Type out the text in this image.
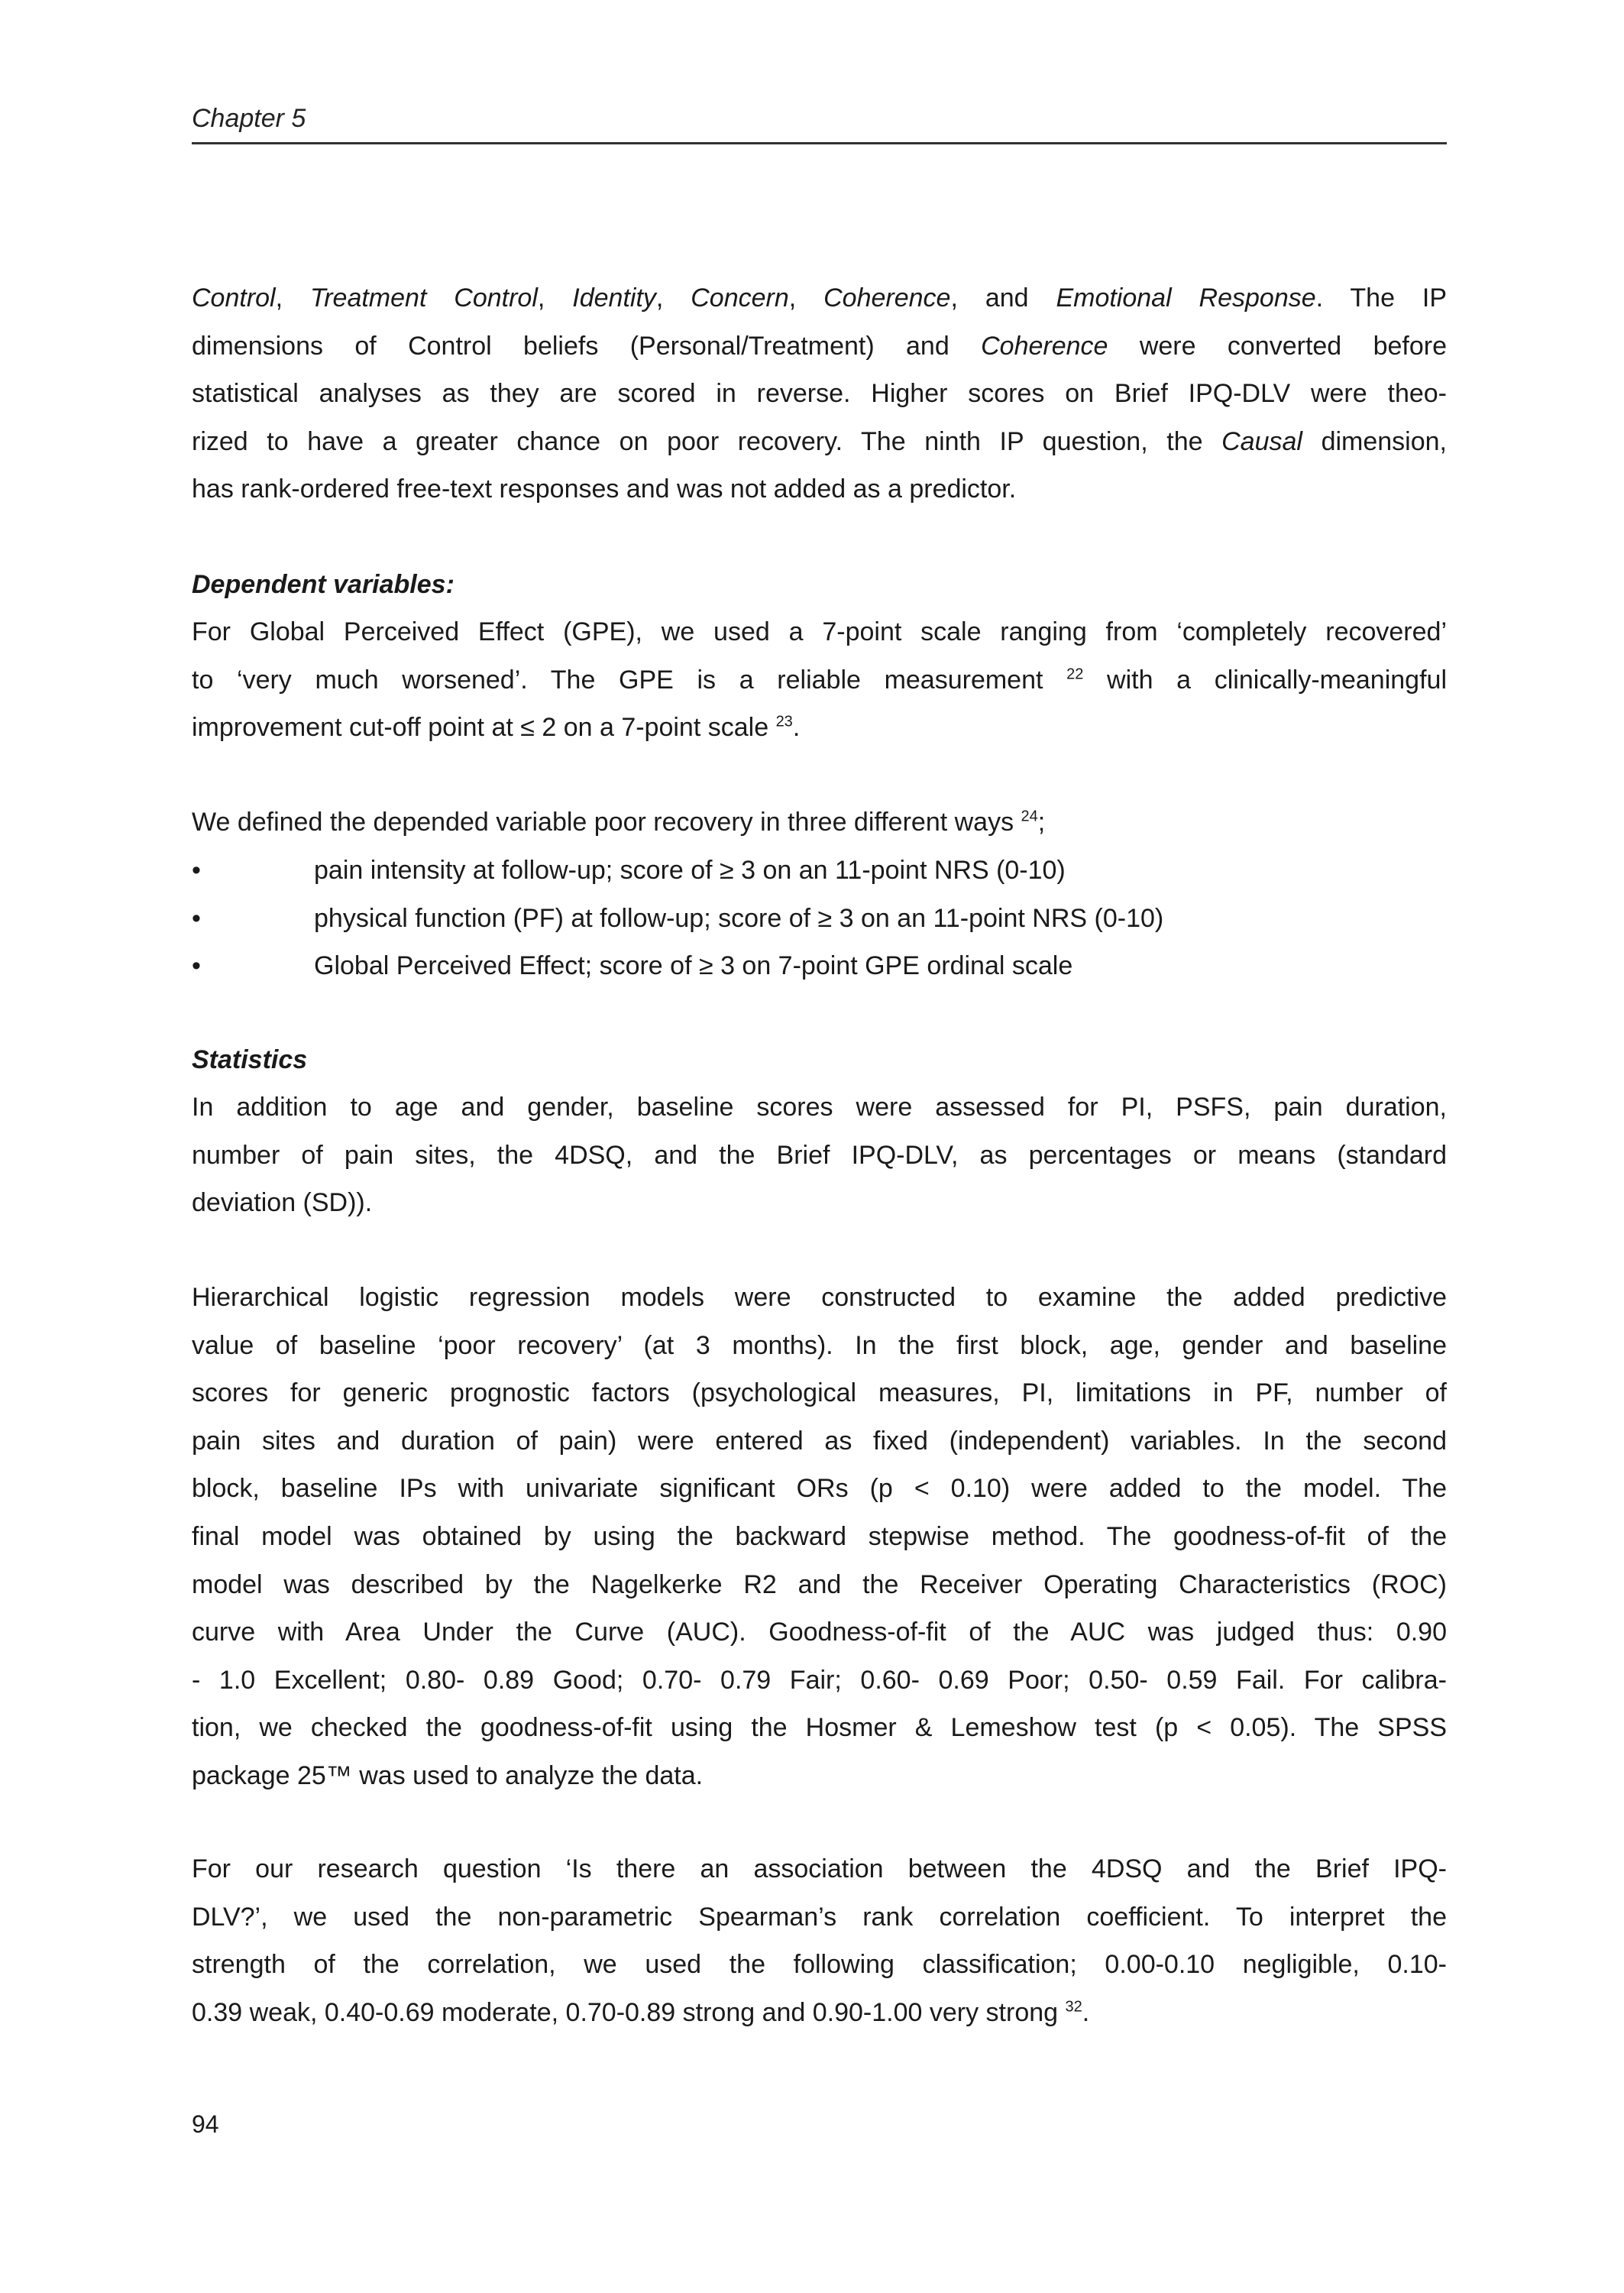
Chapter 5
Control, Treatment Control, Identity, Concern, Coherence, and Emotional Response. The IP
dimensions of Control beliefs (Personal/Treatment) and Coherence were converted before
statistical analyses as they are scored in reverse. Higher scores on Brief IPQ-DLV were theo-
rized to have a greater chance on poor recovery. The ninth IP question, the Causal dimension,
has rank-ordered free-text responses and was not added as a predictor.
Dependent variables:
For Global Perceived Effect (GPE), we used a 7-point scale ranging from ‘completely recovered’
to ‘very much worsened’. The GPE is a reliable measurement $^{22}$ with a clinically-meaningful
improvement cut-off point at ≤ 2 on a 7-point scale $^{23}$.
We defined the depended variable poor recovery in three different ways $^{24}$;
•	pain intensity at follow-up; score of ≥ 3 on an 11-point NRS (0-10)
•	physical function (PF) at follow-up; score of ≥ 3 on an 11-point NRS (0-10)
•	Global Perceived Effect; score of ≥ 3 on 7-point GPE ordinal scale
Statistics
In addition to age and gender, baseline scores were assessed for PI, PSFS, pain duration,
number of pain sites, the 4DSQ, and the Brief IPQ-DLV, as percentages or means (standard
deviation (SD)).
Hierarchical logistic regression models were constructed to examine the added predictive
value of baseline ‘poor recovery’ (at 3 months). In the first block, age, gender and baseline
scores for generic prognostic factors (psychological measures, PI, limitations in PF, number of
pain sites and duration of pain) were entered as fixed (independent) variables. In the second
block, baseline IPs with univariate significant ORs (p < 0.10) were added to the model. The
final model was obtained by using the backward stepwise method. The goodness-of-fit of the
model was described by the Nagelkerke R2 and the Receiver Operating Characteristics (ROC)
curve with Area Under the Curve (AUC). Goodness-of-fit of the AUC was judged thus: 0.90
- 1.0 Excellent; 0.80- 0.89 Good; 0.70- 0.79 Fair; 0.60- 0.69 Poor; 0.50- 0.59 Fail. For calibra-
tion, we checked the goodness-of-fit using the Hosmer & Lemeshow test (p < 0.05). The SPSS
package 25™ was used to analyze the data.
For our research question ‘Is there an association between the 4DSQ and the Brief IPQ-
DLV?’, we used the non-parametric Spearman’s rank correlation coefficient. To interpret the
strength of the correlation, we used the following classification; 0.00-0.10 negligible, 0.10-
0.39 weak, 0.40-0.69 moderate, 0.70-0.89 strong and 0.90-1.00 very strong $^{32}$.
94
